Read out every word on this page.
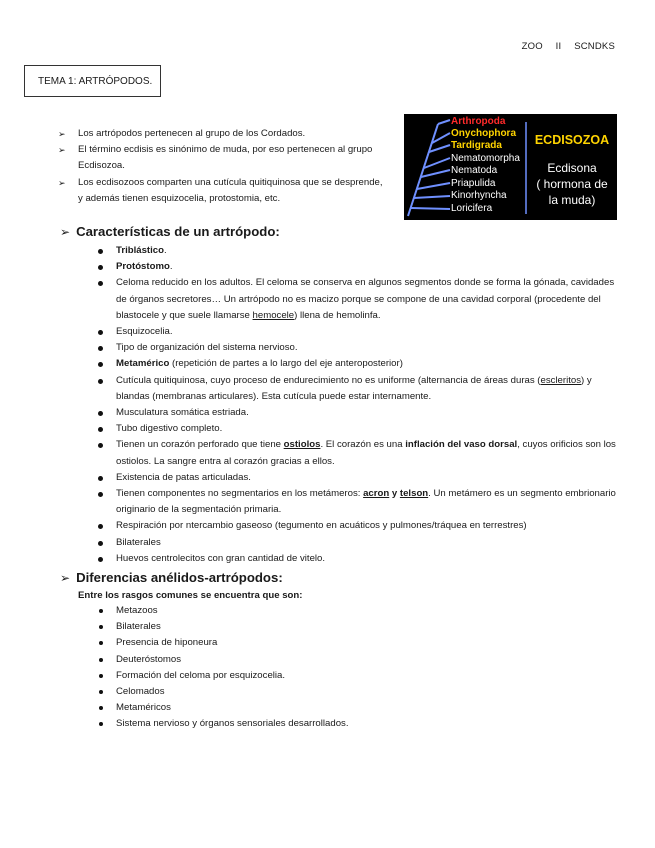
ZOO II SCNDKS
TEMA 1: ARTRÓPODOS.
➢ Los artrópodos pertenecen al grupo de los Cordados.
➢ El término ecdisis es sinónimo de muda, por eso pertenecen al grupo Ecdisozoa.
➢ Los ecdisozoos comparten una cutícula quitiquinosa que se desprende, y además tienen esquizocelia, protostomia, etc.
Arthropoda
Onychophora
Tardigrada
Nematomorpha
Nematoda
Priapulida
Kinorhyncha
Loricifera
ECDISOZOA
Ecdisona
( hormona de
la muda)
➢ Características de un artrópodo:
Triblástico.
Protóstomo.
Celoma reducido en los adultos. El celoma se conserva en algunos segmentos donde se forma la gónada, cavidades de órganos secretores… Un artrópodo no es macizo porque se compone de una cavidad corporal (procedente del blastocele y que suele llamarse hemocele) llena de hemolinfa.
Esquizocelia.
Tipo de organización del sistema nervioso.
Metamérico (repetición de partes a lo largo del eje anteroposterior)
Cutícula quitiquinosa, cuyo proceso de endurecimiento no es uniforme (alternancia de áreas duras (escleritos) y blandas (membranas articulares). Esta cutícula puede estar internamente.
Musculatura somática estriada.
Tubo digestivo completo.
Tienen un corazón perforado que tiene ostiolos. El corazón es una inflación del vaso dorsal, cuyos orificios son los ostiolos. La sangre entra al corazón gracias a ellos.
Existencia de patas articuladas.
Tienen componentes no segmentarios en los metámeros: acron y telson. Un metámero es un segmento embrionario originario de la segmentación primaria.
Respiración por ntercambio gaseoso (tegumento en acuáticos y pulmones/tráquea en terrestres)
Bilaterales
Huevos centrolecitos con gran cantidad de vitelo.
➢ Diferencias anélidos-artrópodos:
Entre los rasgos comunes se encuentra que son:
Metazoos
Bilaterales
Presencia de hiponeura
Deuteróstomos
Formación del celoma por esquizocelia.
Celomados
Metaméricos
Sistema nervioso y órganos sensoriales desarrollados.
